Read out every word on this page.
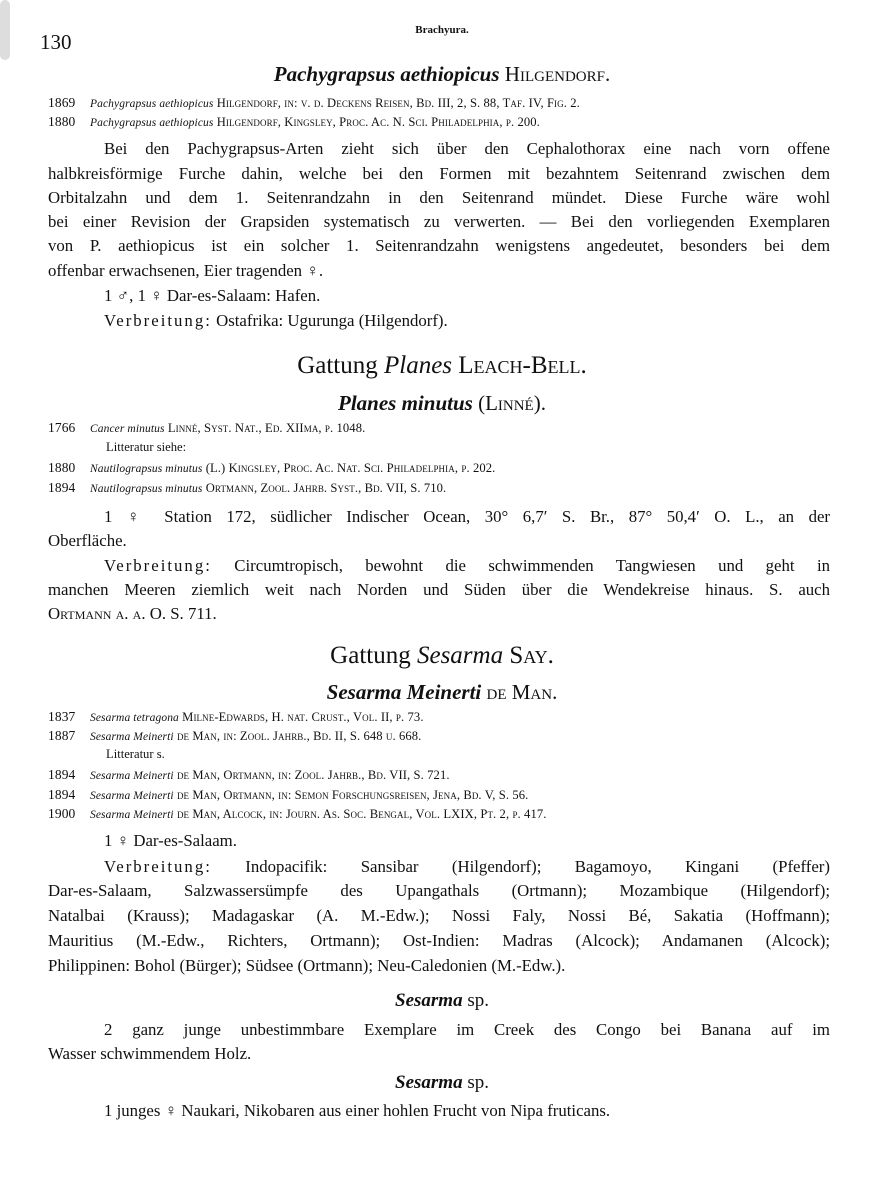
130	Brachyura.
Pachygrapsus aethiopicus Hilgendorf.
1869 Pachygrapsus aethiopicus Hilgendorf, in: v. d. Deckens Reisen, Bd. III, 2, S. 88, Taf. IV, Fig. 2.
1880 Pachygrapsus aethiopicus Hilgendorf, Kingsley, Proc. Ac. N. Sci. Philadelphia, p. 200.
Bei den Pachygrapsus-Arten zieht sich über den Cephalothorax eine nach vorn offene
halbkreisförmige Furche dahin, welche bei den Formen mit bezahntem Seitenrand zwischen dem
Orbitalzahn und dem 1. Seitenrandzahn in den Seitenrand mündet. Diese Furche wäre wohl
bei einer Revision der Grapsiden systematisch zu verwerten. — Bei den vorliegenden Exemplaren
von P. aethiopicus ist ein solcher 1. Seitenrandzahn wenigstens angedeutet, besonders bei dem
offenbar erwachsenen, Eier tragenden ♀.
1 ♂, 1 ♀ Dar-es-Salaam: Hafen.
Verbreitung: Ostafrika: Ugurunga (Hilgendorf).
Gattung Planes Leach-Bell.
Planes minutus (Linné).
1766 Cancer minutus Linné, Syst. Nat., Ed. XIIma, p. 1048.
Litteratur siehe:
1880 Nautilograpsus minutus (L.) Kingsley, Proc. Ac. Nat. Sci. Philadelphia, p. 202.
1894 Nautilograpsus minutus Ortmann, Zool. Jahrb. Syst., Bd. VII, S. 710.
1 ♀ Station 172, südlicher Indischer Ocean, 30° 6,7′ S. Br., 87° 50,4′ O. L., an der
Oberfläche.
Verbreitung: Circumtropisch, bewohnt die schwimmenden Tangwiesen und geht in
manchen Meeren ziemlich weit nach Norden und Süden über die Wendekreise hinaus. S. auch
Ortmann a. a. O. S. 711.
Gattung Sesarma Say.
Sesarma Meinerti de Man.
1837 Sesarma tetragona Milne-Edwards, H. nat. Crust., Vol. II, p. 73.
1887 Sesarma Meinerti de Man, in: Zool. Jahrb., Bd. II, S. 648 u. 668.
Litteratur s.
1894 Sesarma Meinerti de Man, Ortmann, in: Zool. Jahrb., Bd. VII, S. 721.
1894 Sesarma Meinerti de Man, Ortmann, in: Semon Forschungsreisen, Jena, Bd. V, S. 56.
1900 Sesarma Meinerti de Man, Alcock, in: Journ. As. Soc. Bengal, Vol. LXIX, Pt. 2, p. 417.
1 ♀ Dar-es-Salaam.
Verbreitung: Indopacifik: Sansibar (Hilgendorf); Bagamoyo, Kingani (Pfeffer)
Dar-es-Salaam, Salzwassersümpfe des Upangathals (Ortmann); Mozambique (Hilgendorf);
Natalbai (Krauss); Madagaskar (A. M.-Edw.); Nossi Faly, Nossi Bé, Sakatia (Hoffmann);
Mauritius (M.-Edw., Richters, Ortmann); Ost-Indien: Madras (Alcock); Andamanen (Alcock);
Philippinen: Bohol (Bürger); Südsee (Ortmann); Neu-Caledonien (M.-Edw.).
Sesarma sp.
2 ganz junge unbestimmbare Exemplare im Creek des Congo bei Banana auf im
Wasser schwimmendem Holz.
Sesarma sp.
1 junges ♀ Naukari, Nikobaren aus einer hohlen Frucht von Nipa fruticans.
